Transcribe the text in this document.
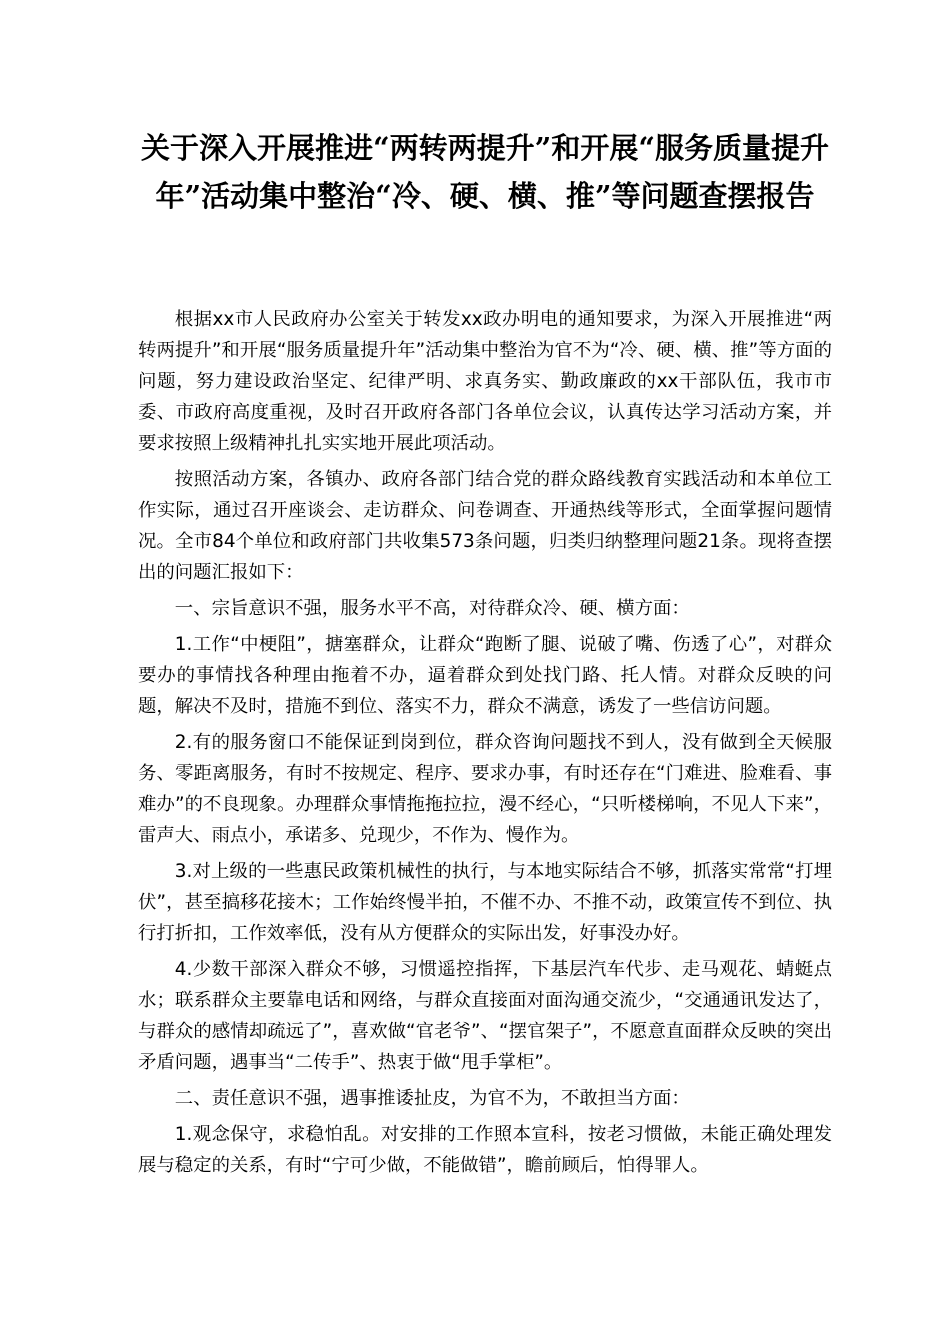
关于深入开展推进“两转两提升”和开展“服务质量提升年”活动集中整治“冷、硬、横、推”等问题查摆报告

根据xx市人民政府办公室关于转发xx政办明电的通知要求，为深入开展推进“两转两提升”和开展“服务质量提升年”活动集中整治为官不为“冷、硬、横、推”等方面的问题，努力建设政治坚定、纪律严明、求真务实、勤政廉政的xx干部队伍，我市市委、市政府高度重视，及时召开政府各部门各单位会议，认真传达学习活动方案，并要求按照上级精神扎扎实实地开展此项活动。

按照活动方案，各镇办、政府各部门结合党的群众路线教育实践活动和本单位工作实际，通过召开座谈会、走访群众、问卷调查、开通热线等形式，全面掌握问题情况。全市84个单位和政府部门共收集573条问题，归类归纳整理问题21条。现将查摆出的问题汇报如下：

一、宗旨意识不强，服务水平不高，对待群众冷、硬、横方面：

1.工作“中梗阻”，搪塞群众，让群众“跑断了腿、说破了嘴、伤透了心”，对群众要办的事情找各种理由拖着不办，逼着群众到处找门路、托人情。对群众反映的问题，解决不及时，措施不到位、落实不力，群众不满意，诱发了一些信访问题。

2.有的服务窗口不能保证到岗到位，群众咨询问题找不到人，没有做到全天候服务、零距离服务，有时不按规定、程序、要求办事，有时还存在“门难进、脸难看、事难办”的不良现象。办理群众事情拖拖拉拉，漫不经心，“只听楼梯响，不见人下来”，雷声大、雨点小，承诺多、兑现少，不作为、慢作为。

3.对上级的一些惠民政策机械性的执行，与本地实际结合不够，抓落实常常“打埋伏”，甚至搞移花接木；工作始终慢半拍，不催不办、不推不动，政策宣传不到位、执行打折扣，工作效率低，没有从方便群众的实际出发，好事没办好。

4.少数干部深入群众不够，习惯遥控指挥，下基层汽车代步、走马观花、蜻蜓点水；联系群众主要靠电话和网络，与群众直接面对面沟通交流少，“交通通讯发达了，与群众的感情却疏远了”，喜欢做“官老爷”、“摆官架子”，不愿意直面群众反映的突出矛盾问题，遇事当“二传手”、热衷于做“甩手掌柜”。

二、责任意识不强，遇事推诿扯皮，为官不为，不敢担当方面：

1.观念保守，求稳怕乱。对安排的工作照本宣科，按老习惯做，未能正确处理发展与稳定的关系，有时“宁可少做，不能做错”，瞻前顾后，怕得罪人。
